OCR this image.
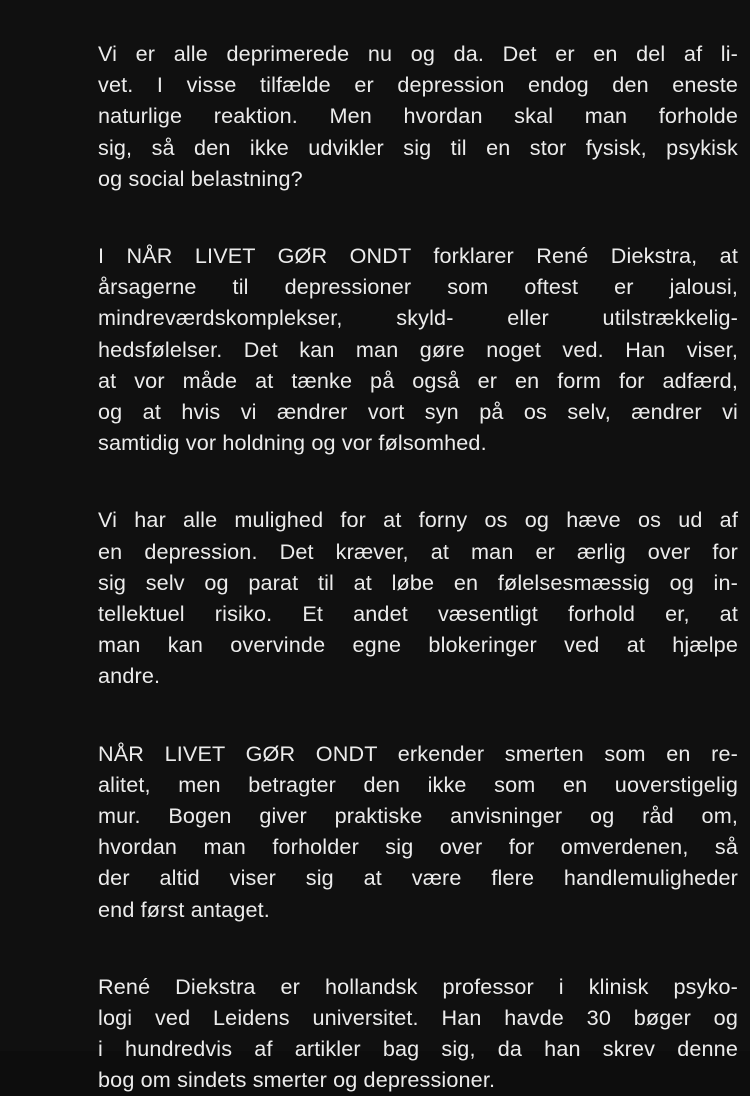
Vi er alle deprimerede nu og da. Det er en del af li-
vet. I visse tilfælde er depression endog den eneste
naturlige reaktion. Men hvordan skal man forholde
sig, så den ikke udvikler sig til en stor fysisk, psykisk
og social belastning?

I NÅR LIVET GØR ONDT forklarer René Diekstra, at
årsagerne til depressioner som oftest er jalousi,
mindreværdskomplekser, skyld- eller utilstrækkelig-
hedsfølelser. Det kan man gøre noget ved. Han viser,
at vor måde at tænke på også er en form for adfærd,
og at hvis vi ændrer vort syn på os selv, ændrer vi
samtidig vor holdning og vor følsomhed.

Vi har alle mulighed for at forny os og hæve os ud af
en depression. Det kræver, at man er ærlig over for
sig selv og parat til at løbe en følelsesmæssig og in-
tellektuel risiko. Et andet væsentligt forhold er, at
man kan overvinde egne blokeringer ved at hjælpe
andre.

NÅR LIVET GØR ONDT erkender smerten som en re-
alitet, men betragter den ikke som en uoverstigelig
mur. Bogen giver praktiske anvisninger og råd om,
hvordan man forholder sig over for omverdenen, så
der altid viser sig at være flere handlemuligheder
end først antaget.

René Diekstra er hollandsk professor i klinisk psyko-
logi ved Leidens universitet. Han havde 30 bøger og
i hundredvis af artikler bag sig, da han skrev denne
bog om sindets smerter og depressioner.
